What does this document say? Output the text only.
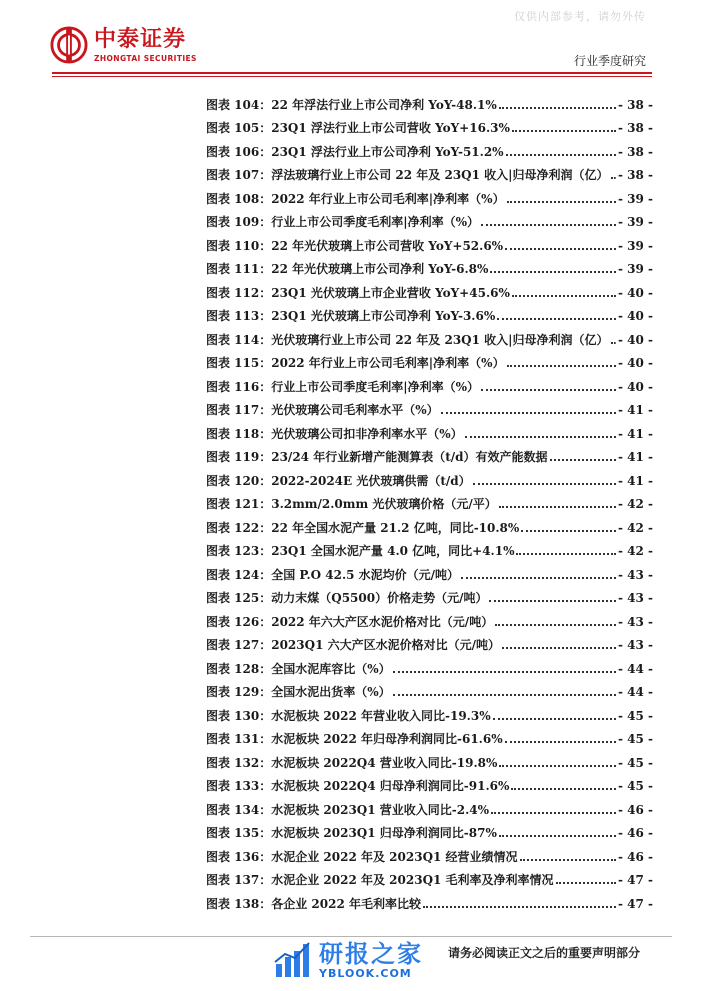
仅供内部参考，请勿外传
中泰证券
ZHONGTAI SECURITIES	行业季度研究
图表 104： 22 年浮法行业上市公司净利 YoY-48.1%	- 38 -
图表 105： 23Q1 浮法行业上市公司营收 YoY+16.3%	- 38 -
图表 106： 23Q1 浮法行业上市公司净利 YoY-51.2%	- 38 -
图表 107： 浮法玻璃行业上市公司 22 年及 23Q1 收入|归母净利润（亿） - 38 -
图表 108： 2022 年行业上市公司毛利率|净利率（%）	- 39 -
图表 109： 行业上市公司季度毛利率|净利率（%）	- 39 -
图表 110： 22 年光伏玻璃上市公司营收 YoY+52.6%	- 39 -
图表 111： 22 年光伏玻璃上市公司净利 YoY-6.8%	- 39 -
图表 112： 23Q1 光伏玻璃上市企业营收 YoY+45.6%	- 40 -
图表 113： 23Q1 光伏玻璃上市公司净利 YoY-3.6%	- 40 -
图表 114： 光伏玻璃行业上市公司 22 年及 23Q1 收入|归母净利润（亿） - 40 -
图表 115： 2022 年行业上市公司毛利率|净利率（%）	- 40 -
图表 116： 行业上市公司季度毛利率|净利率（%）	- 40 -
图表 117： 光伏玻璃公司毛利率水平（%）	- 41 -
图表 118： 光伏玻璃公司扣非净利率水平（%）	- 41 -
图表 119： 23/24 年行业新增产能测算表（t/d）有效产能数据	- 41 -
图表 120： 2022-2024E 光伏玻璃供需（t/d）	- 41 -
图表 121： 3.2mm/2.0mm 光伏玻璃价格（元/平）	- 42 -
图表 122： 22 年全国水泥产量 21.2 亿吨，同比-10.8%	- 42 -
图表 123： 23Q1 全国水泥产量 4.0 亿吨，同比+4.1%	- 42 -
图表 124： 全国 P.O 42.5 水泥均价（元/吨）	- 43 -
图表 125： 动力末煤（Q5500）价格走势（元/吨）	- 43 -
图表 126： 2022 年六大产区水泥价格对比（元/吨）	- 43 -
图表 127： 2023Q1 六大产区水泥价格对比（元/吨）	- 43 -
图表 128： 全国水泥库容比（%）	- 44 -
图表 129： 全国水泥出货率（%）	- 44 -
图表 130： 水泥板块 2022 年营业收入同比-19.3%	- 45 -
图表 131： 水泥板块 2022 年归母净利润同比-61.6%	- 45 -
图表 132： 水泥板块 2022Q4 营业收入同比-19.8%	- 45 -
图表 133： 水泥板块 2022Q4 归母净利润同比-91.6%	- 45 -
图表 134： 水泥板块 2023Q1 营业收入同比-2.4%	- 46 -
图表 135： 水泥板块 2023Q1 归母净利润同比-87%	- 46 -
图表 136： 水泥企业 2022 年及 2023Q1 经营业绩情况	- 46 -
图表 137： 水泥企业 2022 年及 2023Q1 毛利率及净利率情况	- 47 -
图表 138： 各企业 2022 年毛利率比较	- 47 -
研报之家
YBLOOK.COM
请务必阅读正文之后的重要声明部分
